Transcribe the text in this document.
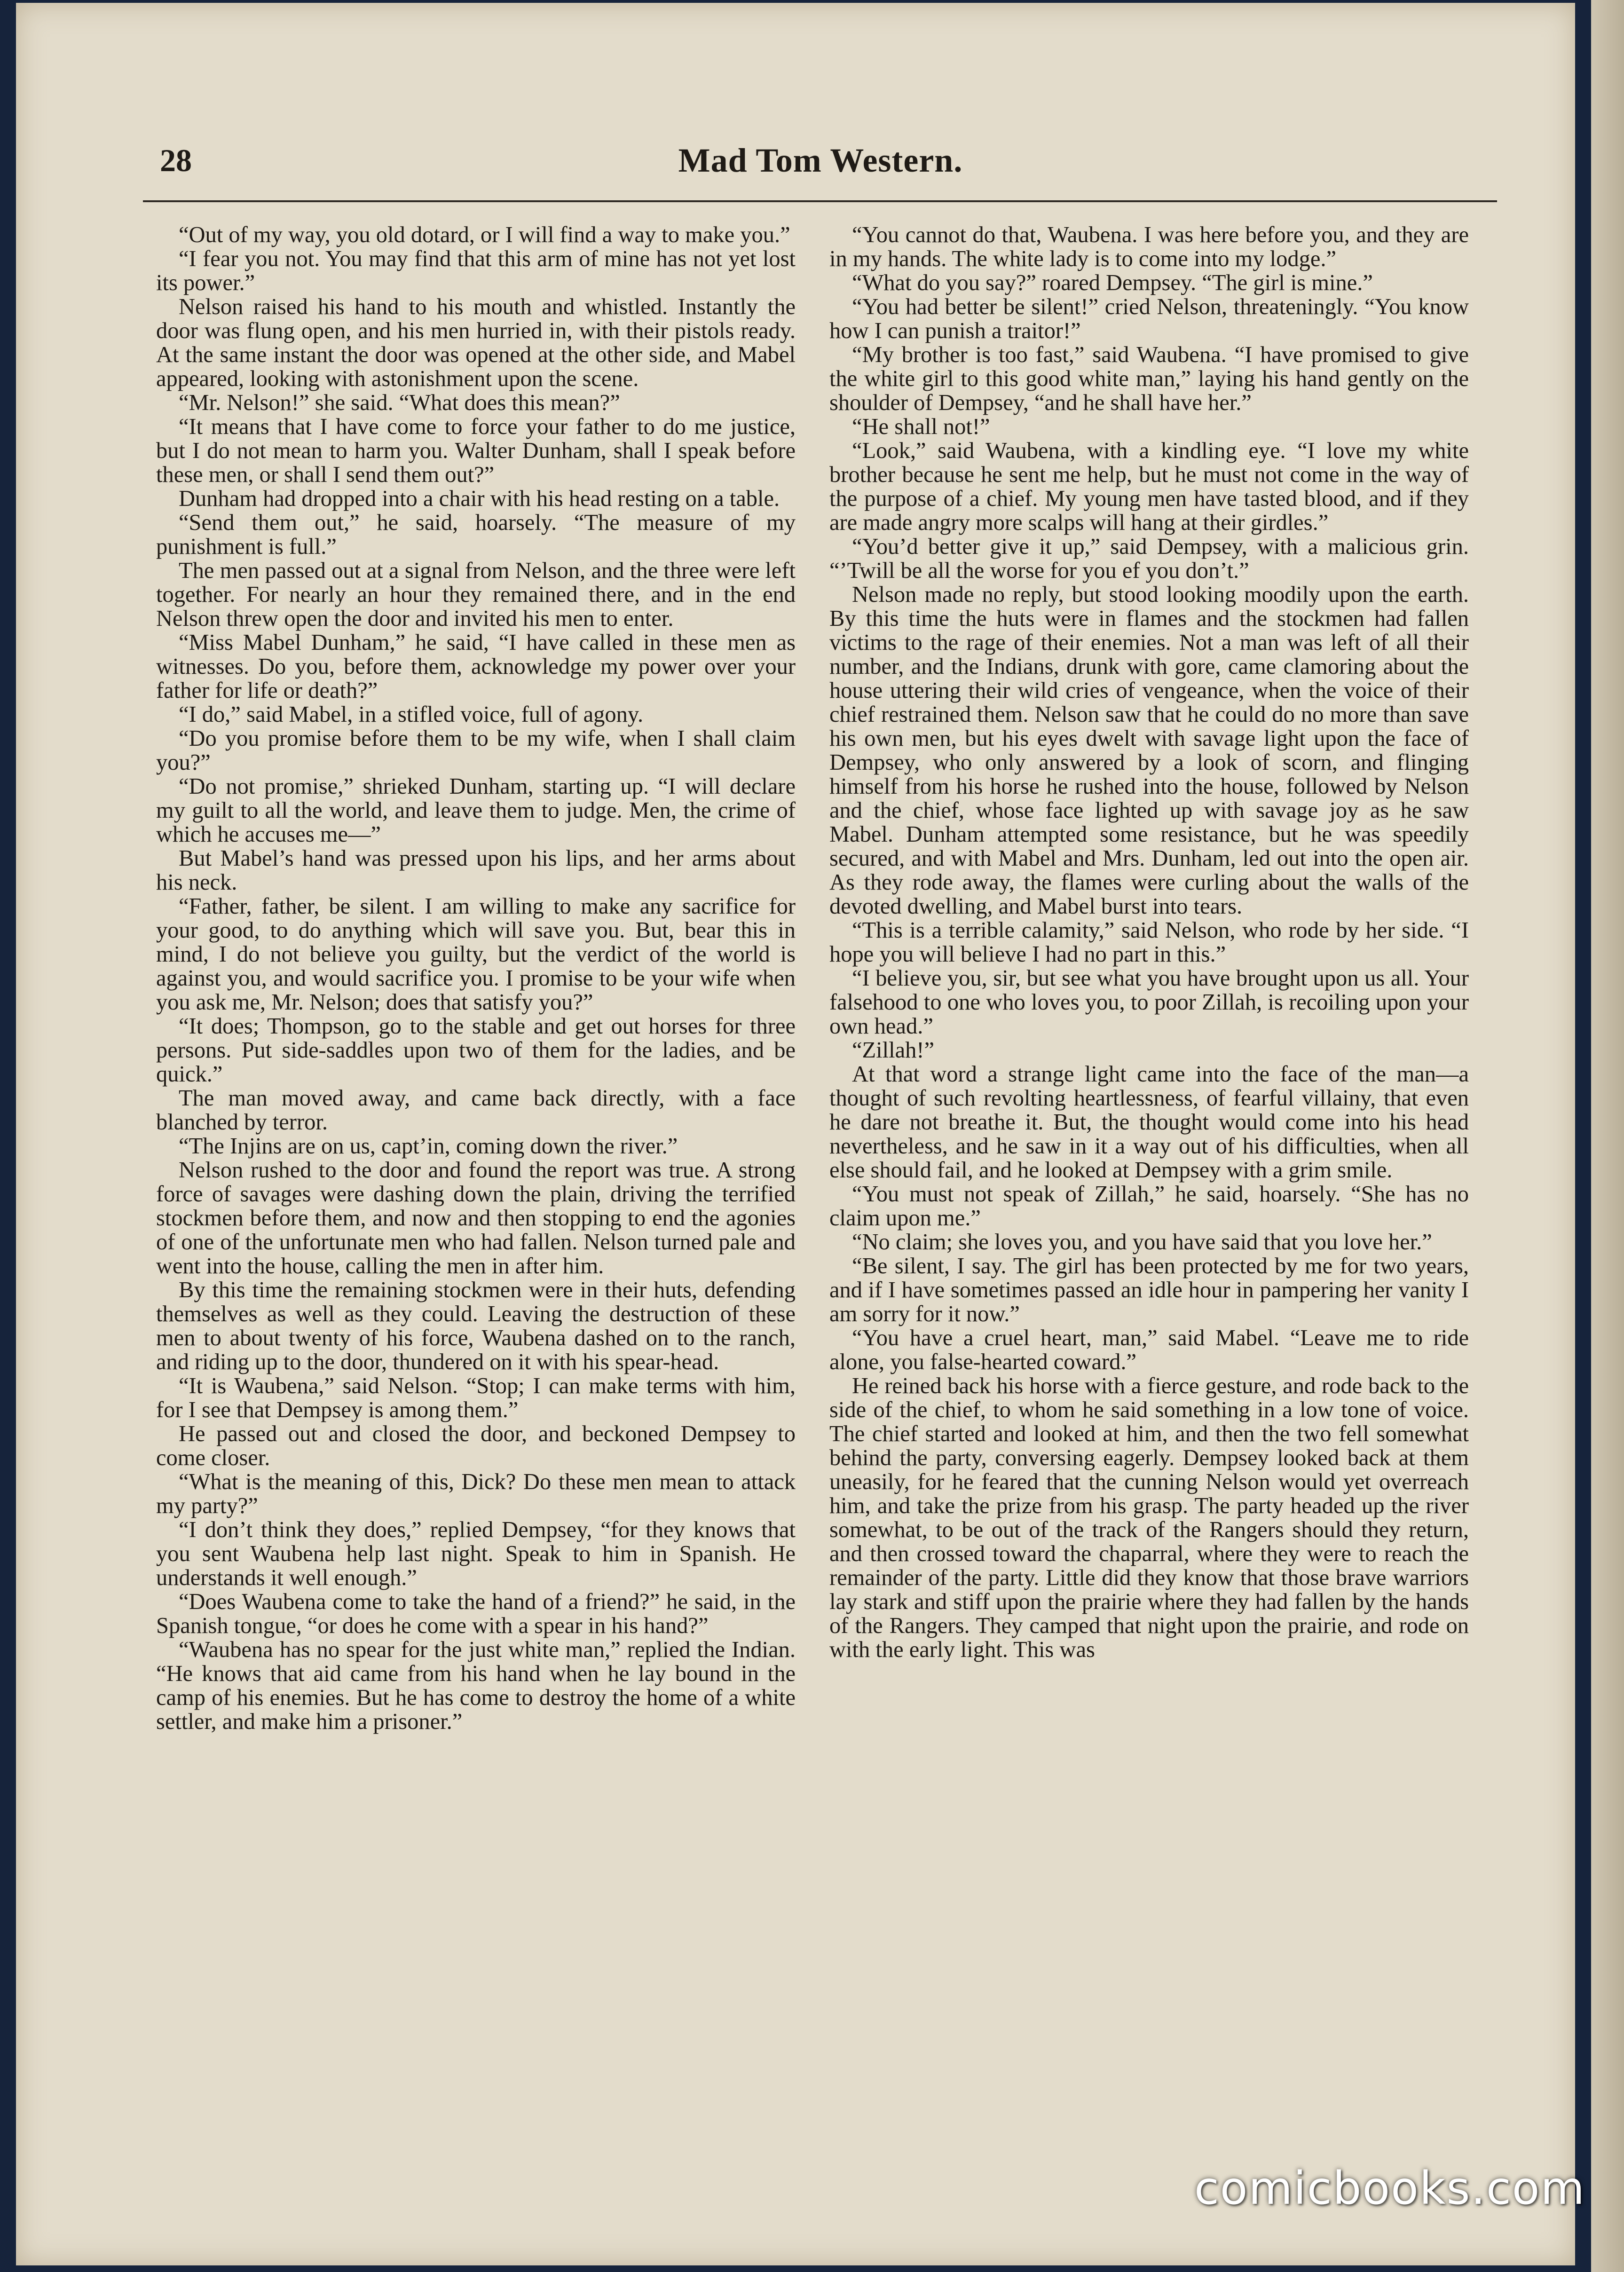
28	Mad Tom Western.

“Out of my way, you old dotard, or I will find a way to make you.”

“I fear you not. You may find that this arm of mine has not yet lost its power.”

Nelson raised his hand to his mouth and whistled. Instantly the door was flung open, and his men hurried in, with their pistols ready. At the same instant the door was opened at the other side, and Mabel appeared, looking with astonishment upon the scene.

“Mr. Nelson!” she said. “What does this mean?”

“It means that I have come to force your father to do me justice, but I do not mean to harm you. Walter Dunham, shall I speak before these men, or shall I send them out?”

Dunham had dropped into a chair with his head resting on a table.

“Send them out,” he said, hoarsely. “The measure of my punishment is full.”

The men passed out at a signal from Nelson, and the three were left together. For nearly an hour they remained there, and in the end Nelson threw open the door and invited his men to enter.

“Miss Mabel Dunham,” he said, “I have called in these men as witnesses. Do you, before them, acknowledge my power over your father for life or death?”

“I do,” said Mabel, in a stifled voice, full of agony.

“Do you promise before them to be my wife, when I shall claim you?”

“Do not promise,” shrieked Dunham, starting up. “I will declare my guilt to all the world, and leave them to judge. Men, the crime of which he accuses me—”

But Mabel’s hand was pressed upon his lips, and her arms about his neck.

“Father, father, be silent. I am willing to make any sacrifice for your good, to do anything which will save you. But, bear this in mind, I do not believe you guilty, but the verdict of the world is against you, and would sacrifice you. I promise to be your wife when you ask me, Mr. Nelson; does that satisfy you?”

“It does; Thompson, go to the stable and get out horses for three persons. Put side-saddles upon two of them for the ladies, and be quick.”

The man moved away, and came back directly, with a face blanched by terror.

“The Injins are on us, capt’in, coming down the river.”

Nelson rushed to the door and found the report was true. A strong force of savages were dashing down the plain, driving the terrified stockmen before them, and now and then stopping to end the agonies of one of the unfortunate men who had fallen. Nelson turned pale and went into the house, calling the men in after him.

By this time the remaining stockmen were in their huts, defending themselves as well as they could. Leaving the destruction of these men to about twenty of his force, Waubena dashed on to the ranch, and riding up to the door, thundered on it with his spear-head.

“It is Waubena,” said Nelson. “Stop; I can make terms with him, for I see that Dempsey is among them.”

He passed out and closed the door, and beckoned Dempsey to come closer.

“What is the meaning of this, Dick? Do these men mean to attack my party?”

“I don’t think they does,” replied Dempsey, “for they knows that you sent Waubena help last night. Speak to him in Spanish. He understands it well enough.”

“Does Waubena come to take the hand of a friend?” he said, in the Spanish tongue, “or does he come with a spear in his hand?”

“Waubena has no spear for the just white man,” replied the Indian. “He knows that aid came from his hand when he lay bound in the camp of his enemies. But he has come to destroy the home of a white settler, and make him a prisoner.”

“You cannot do that, Waubena. I was here before you, and they are in my hands. The white lady is to come into my lodge.”

“What do you say?” roared Dempsey. “The girl is mine.”

“You had better be silent!” cried Nelson, threateningly. “You know how I can punish a traitor!”

“My brother is too fast,” said Waubena. “I have promised to give the white girl to this good white man,” laying his hand gently on the shoulder of Dempsey, “and he shall have her.”

“He shall not!”

“Look,” said Waubena, with a kindling eye. “I love my white brother because he sent me help, but he must not come in the way of the purpose of a chief. My young men have tasted blood, and if they are made angry more scalps will hang at their girdles.”

“You’d better give it up,” said Dempsey, with a malicious grin. “’Twill be all the worse for you ef you don’t.”

Nelson made no reply, but stood looking moodily upon the earth. By this time the huts were in flames and the stockmen had fallen victims to the rage of their enemies. Not a man was left of all their number, and the Indians, drunk with gore, came clamoring about the house uttering their wild cries of vengeance, when the voice of their chief restrained them. Nelson saw that he could do no more than save his own men, but his eyes dwelt with savage light upon the face of Dempsey, who only answered by a look of scorn, and flinging himself from his horse he rushed into the house, followed by Nelson and the chief, whose face lighted up with savage joy as he saw Mabel. Dunham attempted some resistance, but he was speedily secured, and with Mabel and Mrs. Dunham, led out into the open air. As they rode away, the flames were curling about the walls of the devoted dwelling, and Mabel burst into tears.

“This is a terrible calamity,” said Nelson, who rode by her side. “I hope you will believe I had no part in this.”

“I believe you, sir, but see what you have brought upon us all. Your falsehood to one who loves you, to poor Zillah, is recoiling upon your own head.”

“Zillah!”

At that word a strange light came into the face of the man—a thought of such revolting heartlessness, of fearful villainy, that even he dare not breathe it. But, the thought would come into his head nevertheless, and he saw in it a way out of his difficulties, when all else should fail, and he looked at Dempsey with a grim smile.

“You must not speak of Zillah,” he said, hoarsely. “She has no claim upon me.”

“No claim; she loves you, and you have said that you love her.”

“Be silent, I say. The girl has been protected by me for two years, and if I have sometimes passed an idle hour in pampering her vanity I am sorry for it now.”

“You have a cruel heart, man,” said Mabel. “Leave me to ride alone, you false-hearted coward.”

He reined back his horse with a fierce gesture, and rode back to the side of the chief, to whom he said something in a low tone of voice. The chief started and looked at him, and then the two fell somewhat behind the party, conversing eagerly. Dempsey looked back at them uneasily, for he feared that the cunning Nelson would yet overreach him, and take the prize from his grasp. The party headed up the river somewhat, to be out of the track of the Rangers should they return, and then crossed toward the chaparral, where they were to reach the remainder of the party. Little did they know that those brave warriors lay stark and stiff upon the prairie where they had fallen by the hands of the Rangers. They camped that night upon the prairie, and rode on with the early light. This was

comicbooks.com
